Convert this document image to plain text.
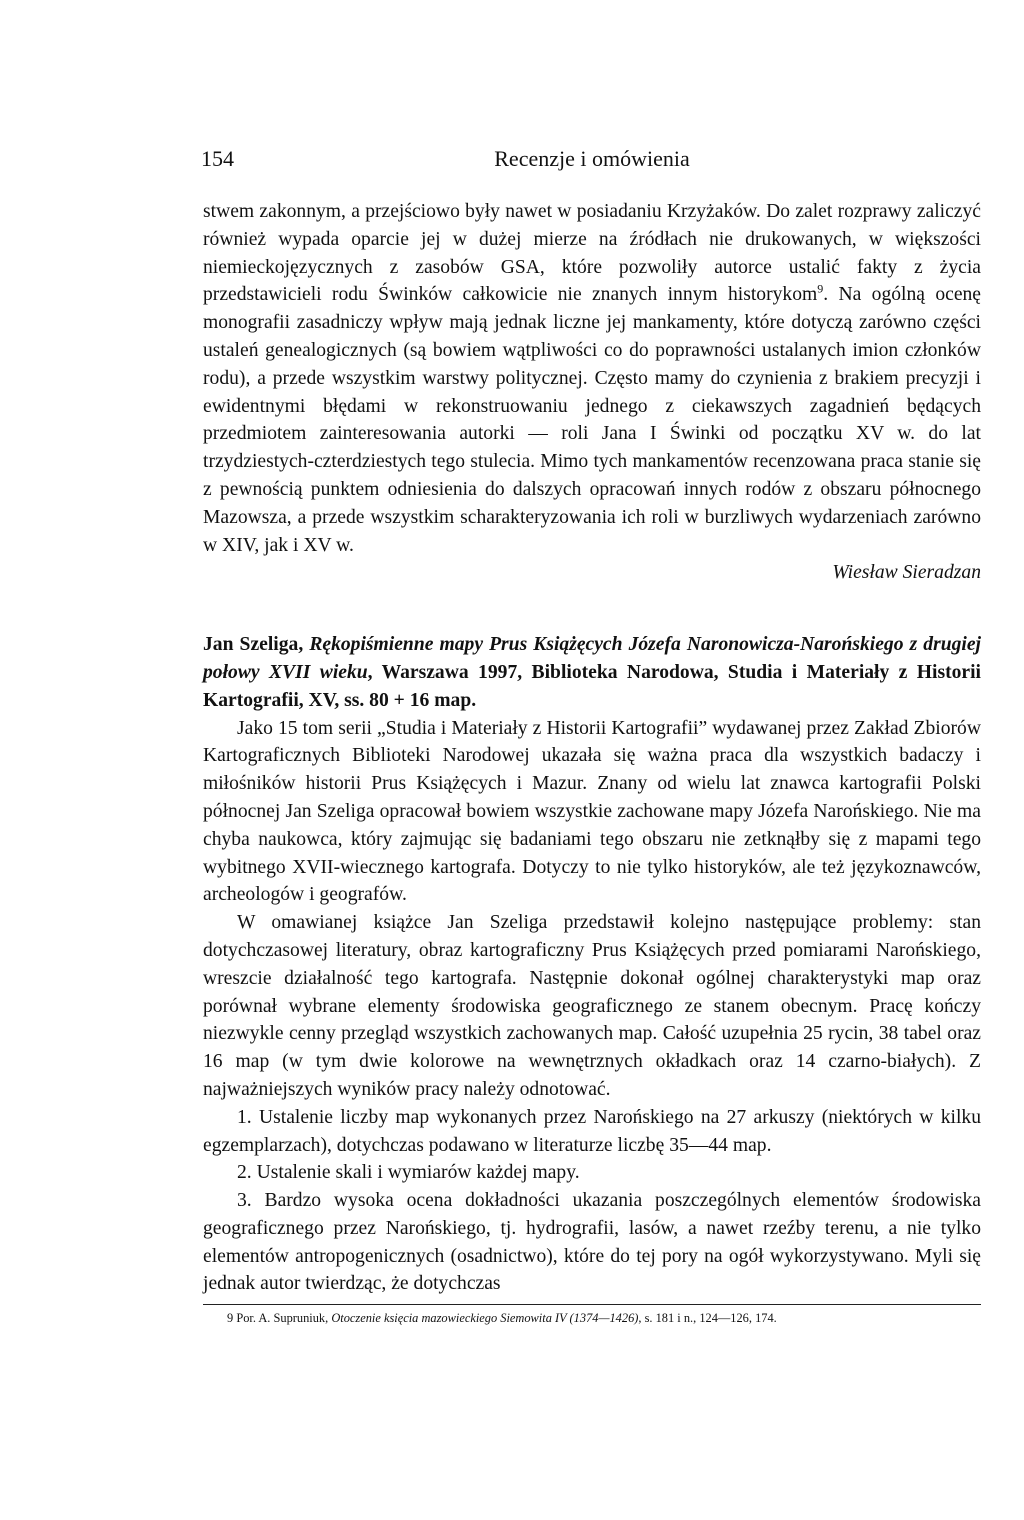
154	Recenzje i omówienia

stwem zakonnym, a przejściowo były nawet w posiadaniu Krzyżaków. Do zalet rozprawy zaliczyć również wypada oparcie jej w dużej mierze na źródłach nie drukowanych, w większości niemieckojęzycznych z zasobów GSA, które pozwoliły autorce ustalić fakty z życia przedstawicieli rodu Świnków całkowicie nie znanych innym historykom$^9$. Na ogólną ocenę monografii zasadniczy wpływ mają jednak liczne jej mankamenty, które dotyczą zarówno części ustaleń genealogicznych (są bowiem wątpliwości co do poprawności ustalanych imion członków rodu), a przede wszystkim warstwy politycznej. Często mamy do czynienia z brakiem precyzji i ewidentnymi błędami w rekonstruowaniu jednego z ciekawszych zagadnień będących przedmiotem zainteresowania autorki — roli Jana I Świnki od początku XV w. do lat trzydziestych-czterdziestych tego stulecia. Mimo tych mankamentów recenzowana praca stanie się z pewnością punktem odniesienia do dalszych opracowań innych rodów z obszaru północnego Mazowsza, a przede wszystkim scharakteryzowania ich roli w burzliwych wydarzeniach zarówno w XIV, jak i XV w.

Wiesław Sieradzan

Jan Szeliga, Rękopiśmienne mapy Prus Książęcych Józefa Naronowicza-Narońskiego z drugiej połowy XVII wieku, Warszawa 1997, Biblioteka Narodowa, Studia i Materiały z Historii Kartografii, XV, ss. 80 + 16 map.

Jako 15 tom serii „Studia i Materiały z Historii Kartografii” wydawanej przez Zakład Zbiorów Kartograficznych Biblioteki Narodowej ukazała się ważna praca dla wszystkich badaczy i miłośników historii Prus Książęcych i Mazur. Znany od wielu lat znawca kartografii Polski północnej Jan Szeliga opracował bowiem wszystkie zachowane mapy Józefa Narońskiego. Nie ma chyba naukowca, który zajmując się badaniami tego obszaru nie zetknąłby się z mapami tego wybitnego XVII-wiecznego kartografa. Dotyczy to nie tylko historyków, ale też językoznawców, archeologów i geografów.

W omawianej książce Jan Szeliga przedstawił kolejno następujące problemy: stan dotychczasowej literatury, obraz kartograficzny Prus Książęcych przed pomiarami Narońskiego, wreszcie działalność tego kartografa. Następnie dokonał ogólnej charakterystyki map oraz porównał wybrane elementy środowiska geograficznego ze stanem obecnym. Pracę kończy niezwykle cenny przegląd wszystkich zachowanych map. Całość uzupełnia 25 rycin, 38 tabel oraz 16 map (w tym dwie kolorowe na wewnętrznych okładkach oraz 14 czarno-białych). Z najważniejszych wyników pracy należy odnotować.

1. Ustalenie liczby map wykonanych przez Narońskiego na 27 arkuszy (niektórych w kilku egzemplarzach), dotychczas podawano w literaturze liczbę 35—44 map.

2. Ustalenie skali i wymiarów każdej mapy.

3. Bardzo wysoka ocena dokładności ukazania poszczególnych elementów środowiska geograficznego przez Narońskiego, tj. hydrografii, lasów, a nawet rzeźby terenu, a nie tylko elementów antropogenicznych (osadnictwo), które do tej pory na ogół wykorzystywano. Myli się jednak autor twierdząc, że dotychczas

9 Por. A. Supruniuk, Otoczenie księcia mazowieckiego Siemowita IV (1374—1426), s. 181 i n., 124—126, 174.
